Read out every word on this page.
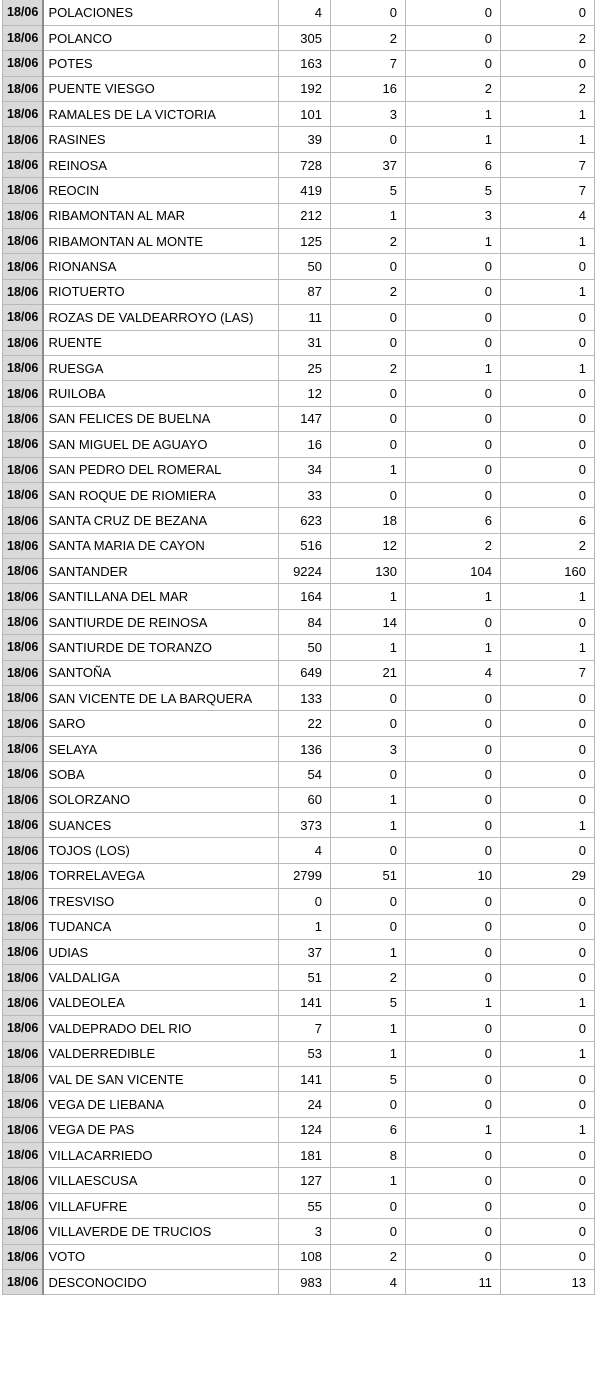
18/06	POLACIONES	4	0	0	0
18/06	POLANCO	305	2	0	2
18/06	POTES	163	7	0	0
18/06	PUENTE VIESGO	192	16	2	2
18/06	RAMALES DE LA VICTORIA	101	3	1	1
18/06	RASINES	39	0	1	1
18/06	REINOSA	728	37	6	7
18/06	REOCIN	419	5	5	7
18/06	RIBAMONTAN AL MAR	212	1	3	4
18/06	RIBAMONTAN AL MONTE	125	2	1	1
18/06	RIONANSA	50	0	0	0
18/06	RIOTUERTO	87	2	0	1
18/06	ROZAS DE VALDEARROYO (LAS)	11	0	0	0
18/06	RUENTE	31	0	0	0
18/06	RUESGA	25	2	1	1
18/06	RUILOBA	12	0	0	0
18/06	SAN FELICES DE BUELNA	147	0	0	0
18/06	SAN MIGUEL DE AGUAYO	16	0	0	0
18/06	SAN PEDRO DEL ROMERAL	34	1	0	0
18/06	SAN ROQUE DE RIOMIERA	33	0	0	0
18/06	SANTA CRUZ DE BEZANA	623	18	6	6
18/06	SANTA MARIA DE CAYON	516	12	2	2
18/06	SANTANDER	9224	130	104	160
18/06	SANTILLANA DEL MAR	164	1	1	1
18/06	SANTIURDE DE REINOSA	84	14	0	0
18/06	SANTIURDE DE TORANZO	50	1	1	1
18/06	SANTOÑA	649	21	4	7
18/06	SAN VICENTE DE LA BARQUERA	133	0	0	0
18/06	SARO	22	0	0	0
18/06	SELAYA	136	3	0	0
18/06	SOBA	54	0	0	0
18/06	SOLORZANO	60	1	0	0
18/06	SUANCES	373	1	0	1
18/06	TOJOS (LOS)	4	0	0	0
18/06	TORRELAVEGA	2799	51	10	29
18/06	TRESVISO	0	0	0	0
18/06	TUDANCA	1	0	0	0
18/06	UDIAS	37	1	0	0
18/06	VALDALIGA	51	2	0	0
18/06	VALDEOLEA	141	5	1	1
18/06	VALDEPRADO DEL RIO	7	1	0	0
18/06	VALDERREDIBLE	53	1	0	1
18/06	VAL DE SAN VICENTE	141	5	0	0
18/06	VEGA DE LIEBANA	24	0	0	0
18/06	VEGA DE PAS	124	6	1	1
18/06	VILLACARRIEDO	181	8	0	0
18/06	VILLAESCUSA	127	1	0	0
18/06	VILLAFUFRE	55	0	0	0
18/06	VILLAVERDE DE TRUCIOS	3	0	0	0
18/06	VOTO	108	2	0	0
18/06	DESCONOCIDO	983	4	11	13
